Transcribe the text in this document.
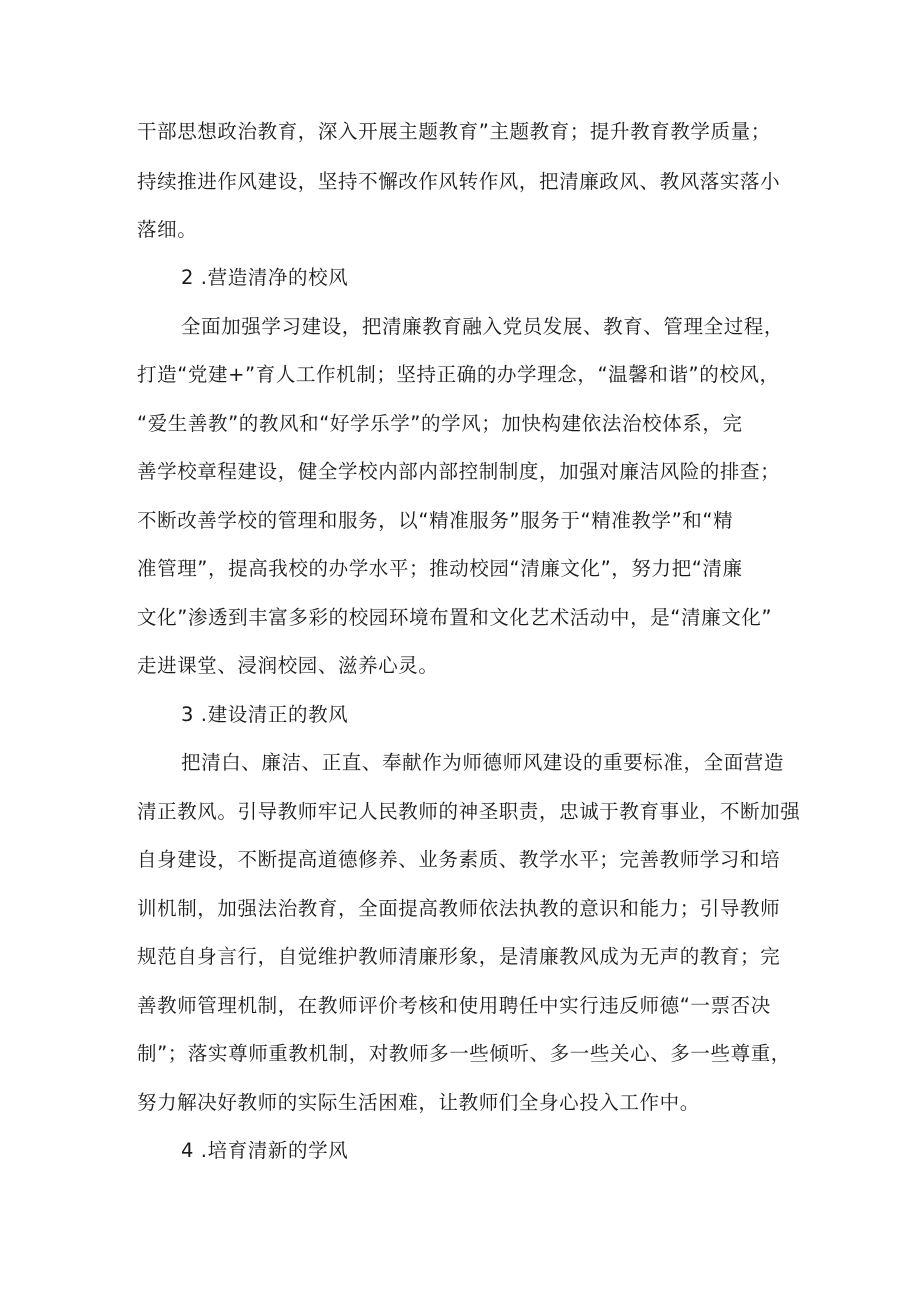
干部思想政治教育，深入开展主题教育”主题教育；提升教育教学质量；
持续推进作风建设，坚持不懈改作风转作风，把清廉政风、教风落实落小
落细。
2 .营造清净的校风
全面加强学习建设，把清廉教育融入党员发展、教育、管理全过程，
打造“党建+”育人工作机制；坚持正确的办学理念，“温馨和谐”的校风，
“爱生善教”的教风和“好学乐学”的学风；加快构建依法治校体系，完
善学校章程建设，健全学校内部内部控制制度，加强对廉洁风险的排查；
不断改善学校的管理和服务，以“精准服务”服务于“精准教学”和“精
准管理”，提高我校的办学水平；推动校园“清廉文化”，努力把“清廉
文化”渗透到丰富多彩的校园环境布置和文化艺术活动中，是“清廉文化”
走进课堂、浸润校园、滋养心灵。
3 .建设清正的教风
把清白、廉洁、正直、奉献作为师德师风建设的重要标准，全面营造
清正教风。引导教师牢记人民教师的神圣职责，忠诚于教育事业，不断加强
自身建设，不断提高道德修养、业务素质、教学水平；完善教师学习和培
训机制，加强法治教育，全面提高教师依法执教的意识和能力；引导教师
规范自身言行，自觉维护教师清廉形象，是清廉教风成为无声的教育；完
善教师管理机制，在教师评价考核和使用聘任中实行违反师德“一票否决
制”；落实尊师重教机制，对教师多一些倾听、多一些关心、多一些尊重，
努力解决好教师的实际生活困难，让教师们全身心投入工作中。
4 .培育清新的学风
